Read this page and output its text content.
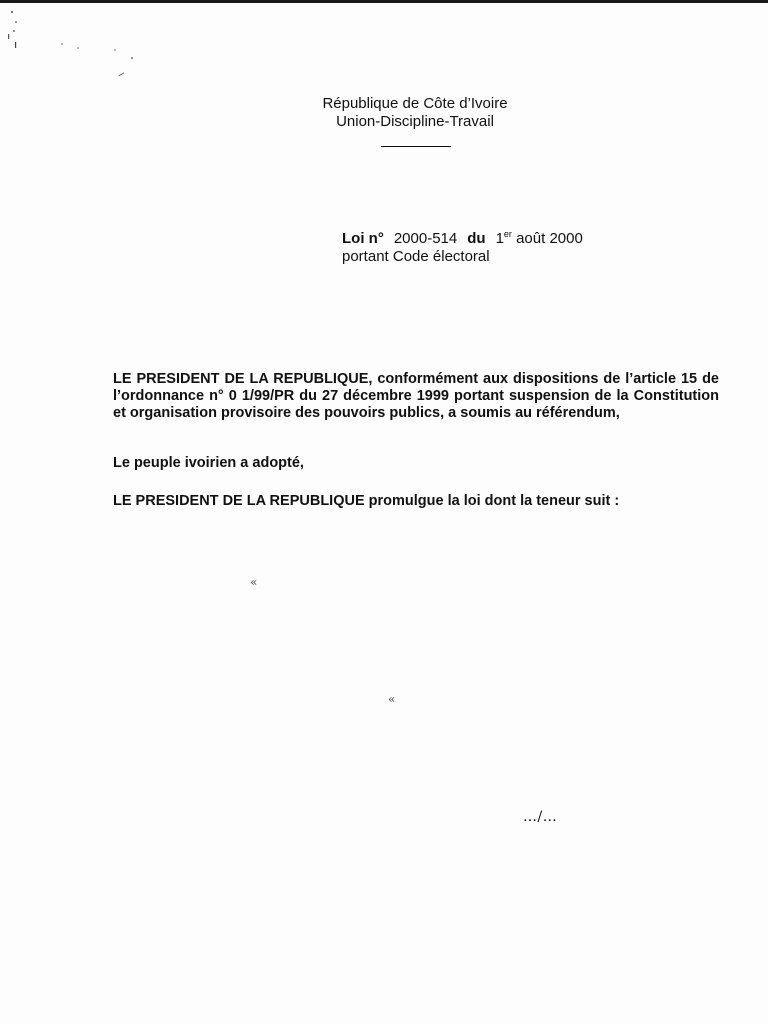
République de Côte d’Ivoire
Union-Discipline-Travail
Loi n° 2000-514 du 1er août 2000
portant Code électoral
LE PRESIDENT DE LA REPUBLIQUE, conformément aux dispositions de l’article 15 de l’ordonnance n° 0 1/99/PR du 27 décembre 1999 portant suspension de la Constitution et organisation provisoire des pouvoirs publics, a soumis au référendum,
Le peuple ivoirien a adopté,
LE PRESIDENT DE LA REPUBLIQUE promulgue la loi dont la teneur suit :
«
«
…/…
